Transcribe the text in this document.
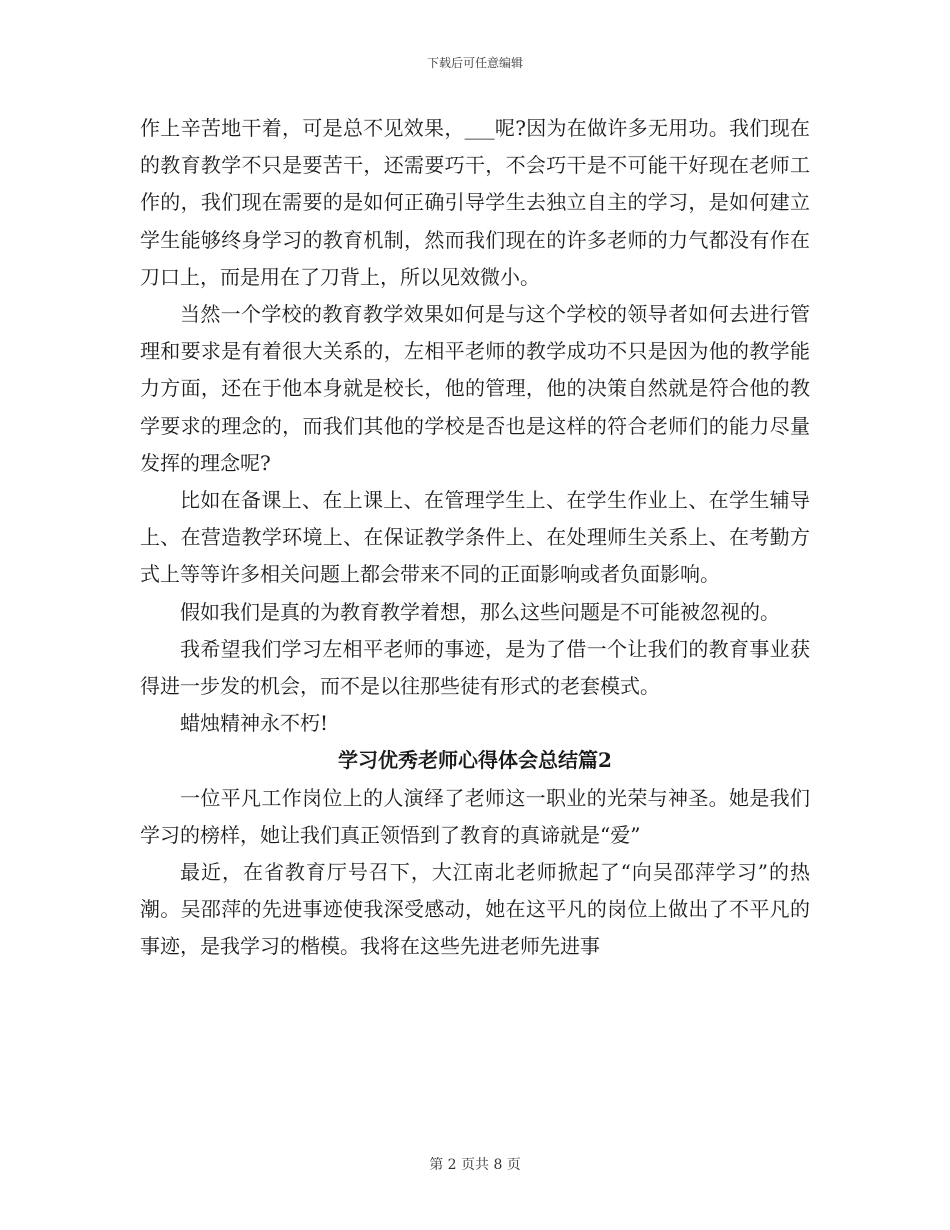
下载后可任意编辑

作上辛苦地干着，可是总不见效果，___呢?因为在做许多无用功。我们现在的教育教学不只是要苦干，还需要巧干，不会巧干是不可能干好现在老师工作的，我们现在需要的是如何正确引导学生去独立自主的学习，是如何建立学生能够终身学习的教育机制，然而我们现在的许多老师的力气都没有作在刀口上，而是用在了刀背上，所以见效微小。

当然一个学校的教育教学效果如何是与这个学校的领导者如何去进行管理和要求是有着很大关系的，左相平老师的教学成功不只是因为他的教学能力方面，还在于他本身就是校长，他的管理，他的决策自然就是符合他的教学要求的理念的，而我们其他的学校是否也是这样的符合老师们的能力尽量发挥的理念呢?

比如在备课上、在上课上、在管理学生上、在学生作业上、在学生辅导上、在营造教学环境上、在保证教学条件上、在处理师生关系上、在考勤方式上等等许多相关问题上都会带来不同的正面影响或者负面影响。

假如我们是真的为教育教学着想，那么这些问题是不可能被忽视的。

我希望我们学习左相平老师的事迹，是为了借一个让我们的教育事业获得进一步发的机会，而不是以往那些徒有形式的老套模式。

蜡烛精神永不朽!

学习优秀老师心得体会总结篇2

一位平凡工作岗位上的人演绎了老师这一职业的光荣与神圣。她是我们学习的榜样，她让我们真正领悟到了教育的真谛就是“爱”

最近，在省教育厅号召下，大江南北老师掀起了“向吴邵萍学习”的热潮。吴邵萍的先进事迹使我深受感动，她在这平凡的岗位上做出了不平凡的事迹，是我学习的楷模。我将在这些先进老师先进事

第 2 页共 8 页
